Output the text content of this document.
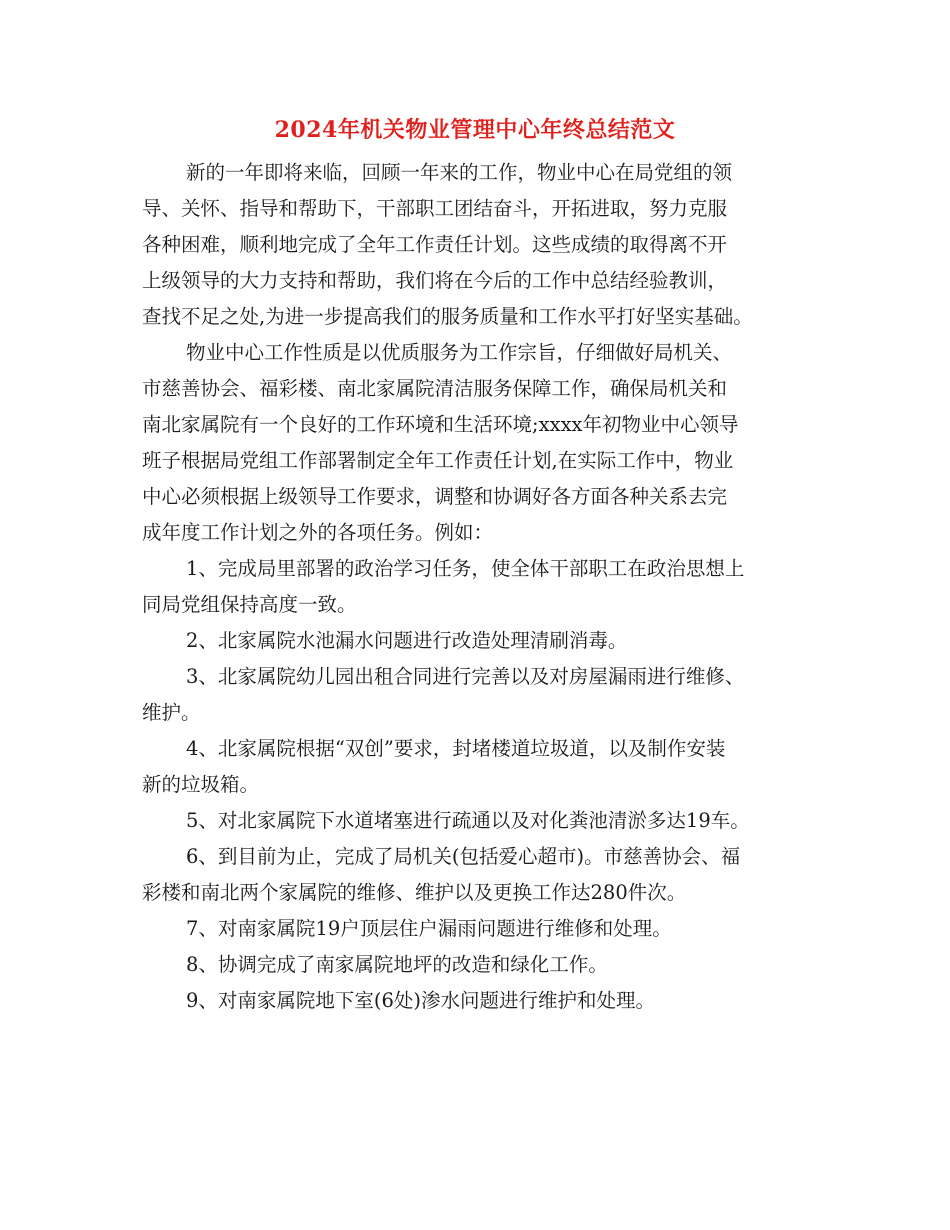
2024年机关物业管理中心年终总结范文
新的一年即将来临，回顾一年来的工作，物业中心在局党组的领
导、关怀、指导和帮助下，干部职工团结奋斗，开拓进取，努力克服
各种困难，顺利地完成了全年工作责任计划。这些成绩的取得离不开
上级领导的大力支持和帮助，我们将在今后的工作中总结经验教训，
查找不足之处,为进一步提高我们的服务质量和工作水平打好坚实基础。
物业中心工作性质是以优质服务为工作宗旨，仔细做好局机关、
市慈善协会、福彩楼、南北家属院清洁服务保障工作，确保局机关和
南北家属院有一个良好的工作环境和生活环境;xxxx年初物业中心领导
班子根据局党组工作部署制定全年工作责任计划,在实际工作中，物业
中心必须根据上级领导工作要求，调整和协调好各方面各种关系去完
成年度工作计划之外的各项任务。例如：
1、完成局里部署的政治学习任务，使全体干部职工在政治思想上
同局党组保持高度一致。
2、北家属院水池漏水问题进行改造处理清刷消毒。
3、北家属院幼儿园出租合同进行完善以及对房屋漏雨进行维修、
维护。
4、北家属院根据“双创”要求，封堵楼道垃圾道，以及制作安装
新的垃圾箱。
5、对北家属院下水道堵塞进行疏通以及对化粪池清淤多达19车。
6、到目前为止，完成了局机关(包括爱心超市)。市慈善协会、福
彩楼和南北两个家属院的维修、维护以及更换工作达280件次。
7、对南家属院19户顶层住户漏雨问题进行维修和处理。
8、协调完成了南家属院地坪的改造和绿化工作。
9、对南家属院地下室(6处)渗水问题进行维护和处理。
